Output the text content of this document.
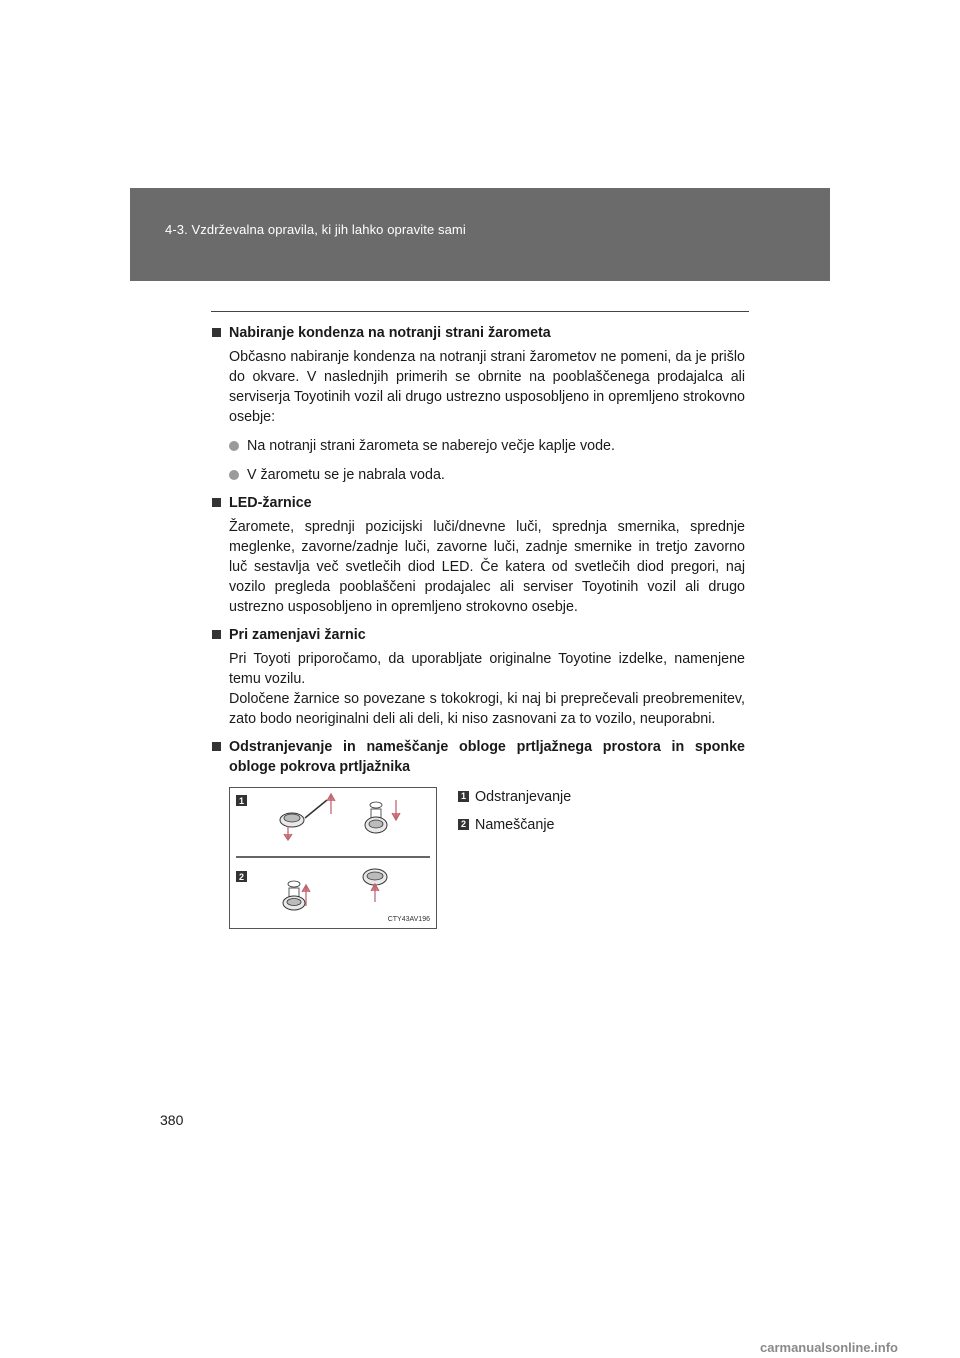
4-3. Vzdrževalna opravila, ki jih lahko opravite sami
Nabiranje kondenza na notranji strani žarometa
Občasno nabiranje kondenza na notranji strani žarometov ne pomeni, da je prišlo do okvare. V naslednjih primerih se obrnite na pooblaščenega prodajalca ali serviserja Toyotinih vozil ali drugo ustrezno usposobljeno in opremljeno strokovno osebje:
Na notranji strani žarometa se naberejo večje kaplje vode.
V žarometu se je nabrala voda.
LED-žarnice
Žaromete, sprednji pozicijski luči/dnevne luči, sprednja smernika, sprednje meglenke, zavorne/zadnje luči, zavorne luči, zadnje smernike in tretjo zavorno luč sestavlja več svetlečih diod LED. Če katera od svetlečih diod pregori, naj vozilo pregleda pooblaščeni prodajalec ali serviser Toyotinih vozil ali drugo ustrezno usposobljeno in opremljeno strokovno osebje.
Pri zamenjavi žarnic
Pri Toyoti priporočamo, da uporabljate originalne Toyotine izdelke, namenjene temu vozilu.
Določene žarnice so povezane s tokokrogi, ki naj bi preprečevali preobremenitev, zato bodo neoriginalni deli ali deli, ki niso zasnovani za to vozilo, neuporabni.
Odstranjevanje in nameščanje obloge prtljažnega prostora in sponke obloge pokrova prtljažnika
1
2
CTY43AV196
1 Odstranjevanje
2 Nameščanje
380
carmanualsonline.info
